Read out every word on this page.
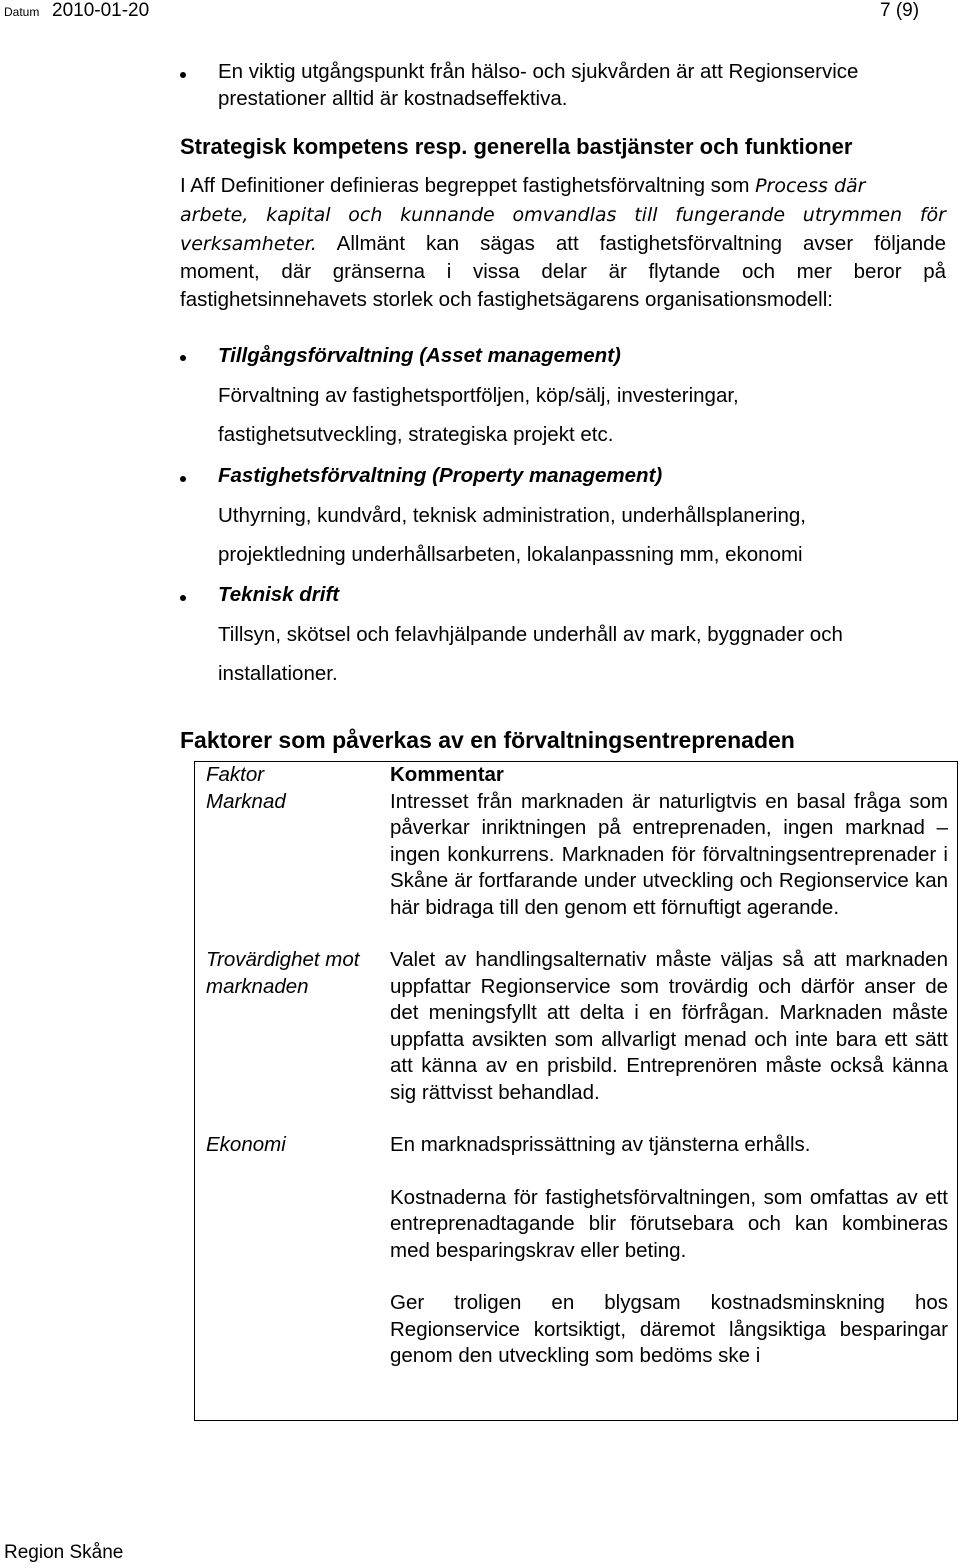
Datum 2010-01-20	7 (9)
En viktig utgångspunkt från hälso- och sjukvården är att Regionservice
prestationer alltid är kostnadseffektiva.
Strategisk kompetens resp. generella bastjänster och funktioner
I Aff Definitioner definieras begreppet fastighetsförvaltning som Process där
arbete, kapital och kunnande omvandlas till fungerande utrymmen för
verksamheter. Allmänt kan sägas att fastighetsförvaltning avser följande
moment, där gränserna i vissa delar är flytande och mer beror på
fastighetsinnehavets storlek och fastighetsägarens organisationsmodell:
Tillgångsförvaltning (Asset management)
Förvaltning av fastighetsportföljen, köp/sälj, investeringar,
fastighetsutveckling, strategiska projekt etc.
Fastighetsförvaltning (Property management)
Uthyrning, kundvård, teknisk administration, underhållsplanering,
projektledning underhållsarbeten, lokalanpassning mm, ekonomi
Teknisk drift
Tillsyn, skötsel och felavhjälpande underhåll av mark, byggnader och
installationer.
Faktorer som påverkas av en förvaltningsentreprenaden
Faktor	Kommentar
Marknad	Intresset från marknaden är naturligtvis en basal fråga som påverkar inriktningen på entreprenaden, ingen marknad – ingen konkurrens. Marknaden för förvaltningsentreprenader i Skåne är fortfarande under utveckling och Regionservice kan här bidraga till den genom ett förnuftigt agerande.
Trovärdighet mot marknaden	Valet av handlingsalternativ måste väljas så att marknaden uppfattar Regionservice som trovärdig och därför anser de det meningsfyllt att delta i en förfrågan. Marknaden måste uppfatta avsikten som allvarligt menad och inte bara ett sätt att känna av en prisbild. Entreprenören måste också känna sig rättvisst behandlad.
Ekonomi	En marknadsprissättning av tjänsterna erhålls.
Kostnaderna för fastighetsförvaltningen, som omfattas av ett entreprenadtagande blir förutsebara och kan kombineras med besparingskrav eller beting.
Ger troligen en blygsam kostnadsminskning hos Regionservice kortsiktigt, däremot långsiktiga besparingar genom den utveckling som bedöms ske i
Region Skåne
